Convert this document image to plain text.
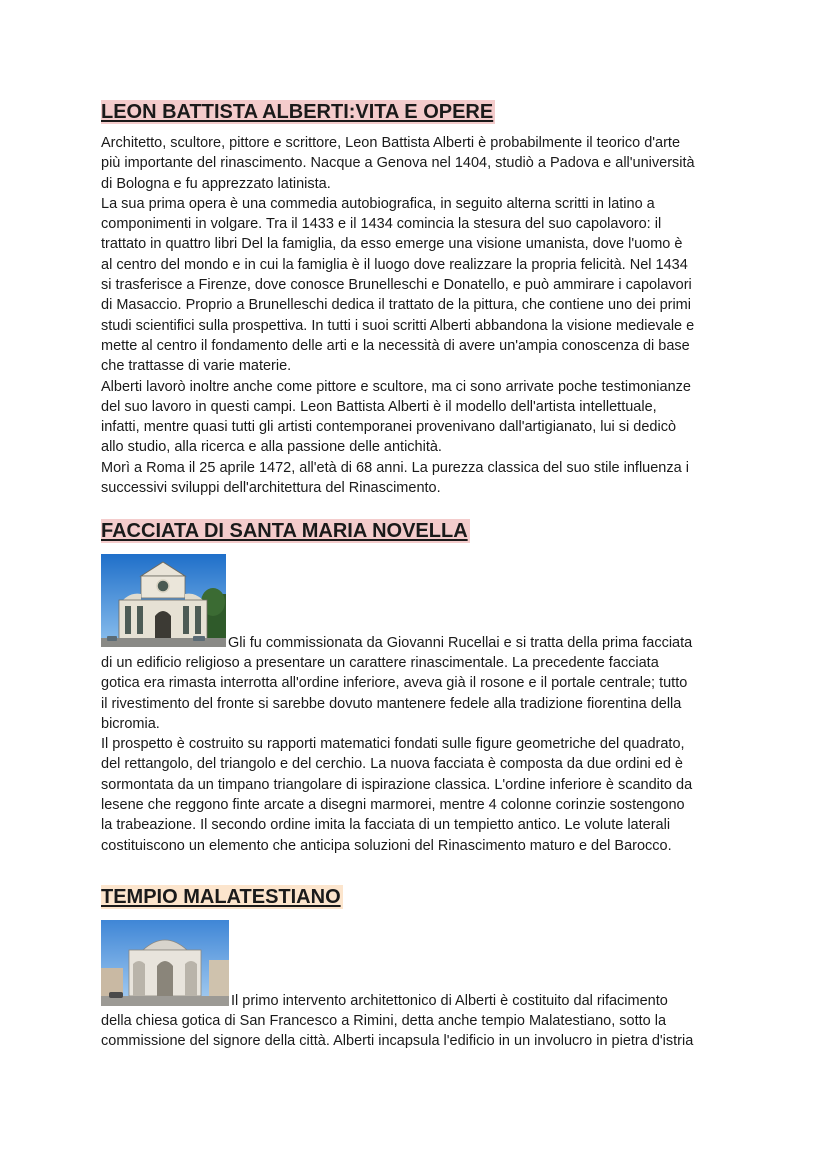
LEON BATTISTA ALBERTI:VITA E OPERE
Architetto, scultore, pittore e scrittore, Leon Battista Alberti è probabilmente il teorico d'arte
più importante del rinascimento. Nacque a Genova nel 1404, studiò a Padova e all'università
di Bologna e fu apprezzato latinista.
La sua prima opera è una commedia autobiografica, in seguito alterna scritti in latino a
componimenti in volgare. Tra il 1433 e il 1434 comincia la stesura del suo capolavoro: il
trattato in quattro libri Del la famiglia, da esso emerge una visione umanista, dove l'uomo è
al centro del mondo e in cui la famiglia è il luogo dove realizzare la propria felicità. Nel 1434
si trasferisce a Firenze, dove conosce Brunelleschi e Donatello, e può ammirare i capolavori
di Masaccio. Proprio a Brunelleschi dedica il trattato de la pittura, che contiene uno dei primi
studi scientifici sulla prospettiva. In tutti i suoi scritti Alberti abbandona la visione medievale e
mette al centro il fondamento delle arti e la necessità di avere un'ampia conoscenza di base
che trattasse di varie materie.
Alberti lavorò inoltre anche come pittore e scultore, ma ci sono arrivate poche testimonianze
del suo lavoro in questi campi. Leon Battista Alberti è il modello dell'artista intellettuale,
infatti, mentre quasi tutti gli artisti contemporanei provenivano dall'artigianato, lui si dedicò
allo studio, alla ricerca e alla passione delle antichità.
Morì a Roma il 25 aprile 1472, all'età di 68 anni. La purezza classica del suo stile influenza i
successivi sviluppi dell'architettura del Rinascimento.
FACCIATA DI SANTA MARIA NOVELLA

Gli fu commissionata da Giovanni Rucellai e si tratta della prima facciata

di un edificio religioso a presentare un carattere rinascimentale. La precedente facciata
gotica era rimasta interrotta all'ordine inferiore, aveva già il rosone e il portale centrale; tutto
il rivestimento del fronte si sarebbe dovuto mantenere fedele alla tradizione fiorentina della
bicromia.
Il prospetto è costruito su rapporti matematici fondati sulle figure geometriche del quadrato,
del rettangolo, del triangolo e del cerchio. La nuova facciata è composta da due ordini ed è
sormontata da un timpano triangolare di ispirazione classica. L'ordine inferiore è scandito da
lesene che reggono finte arcate a disegni marmorei, mentre 4 colonne corinzie sostengono
la trabeazione. Il secondo ordine imita la facciata di un tempietto antico. Le volute laterali
costituiscono un elemento che anticipa soluzioni del Rinascimento maturo e del Barocco.
TEMPIO MALATESTIANO

Il primo intervento architettonico di Alberti è costituito dal rifacimento

della chiesa gotica di San Francesco a Rimini, detta anche tempio Malatestiano, sotto la
commissione del signore della città. Alberti incapsula l'edificio in un involucro in pietra d'istria
